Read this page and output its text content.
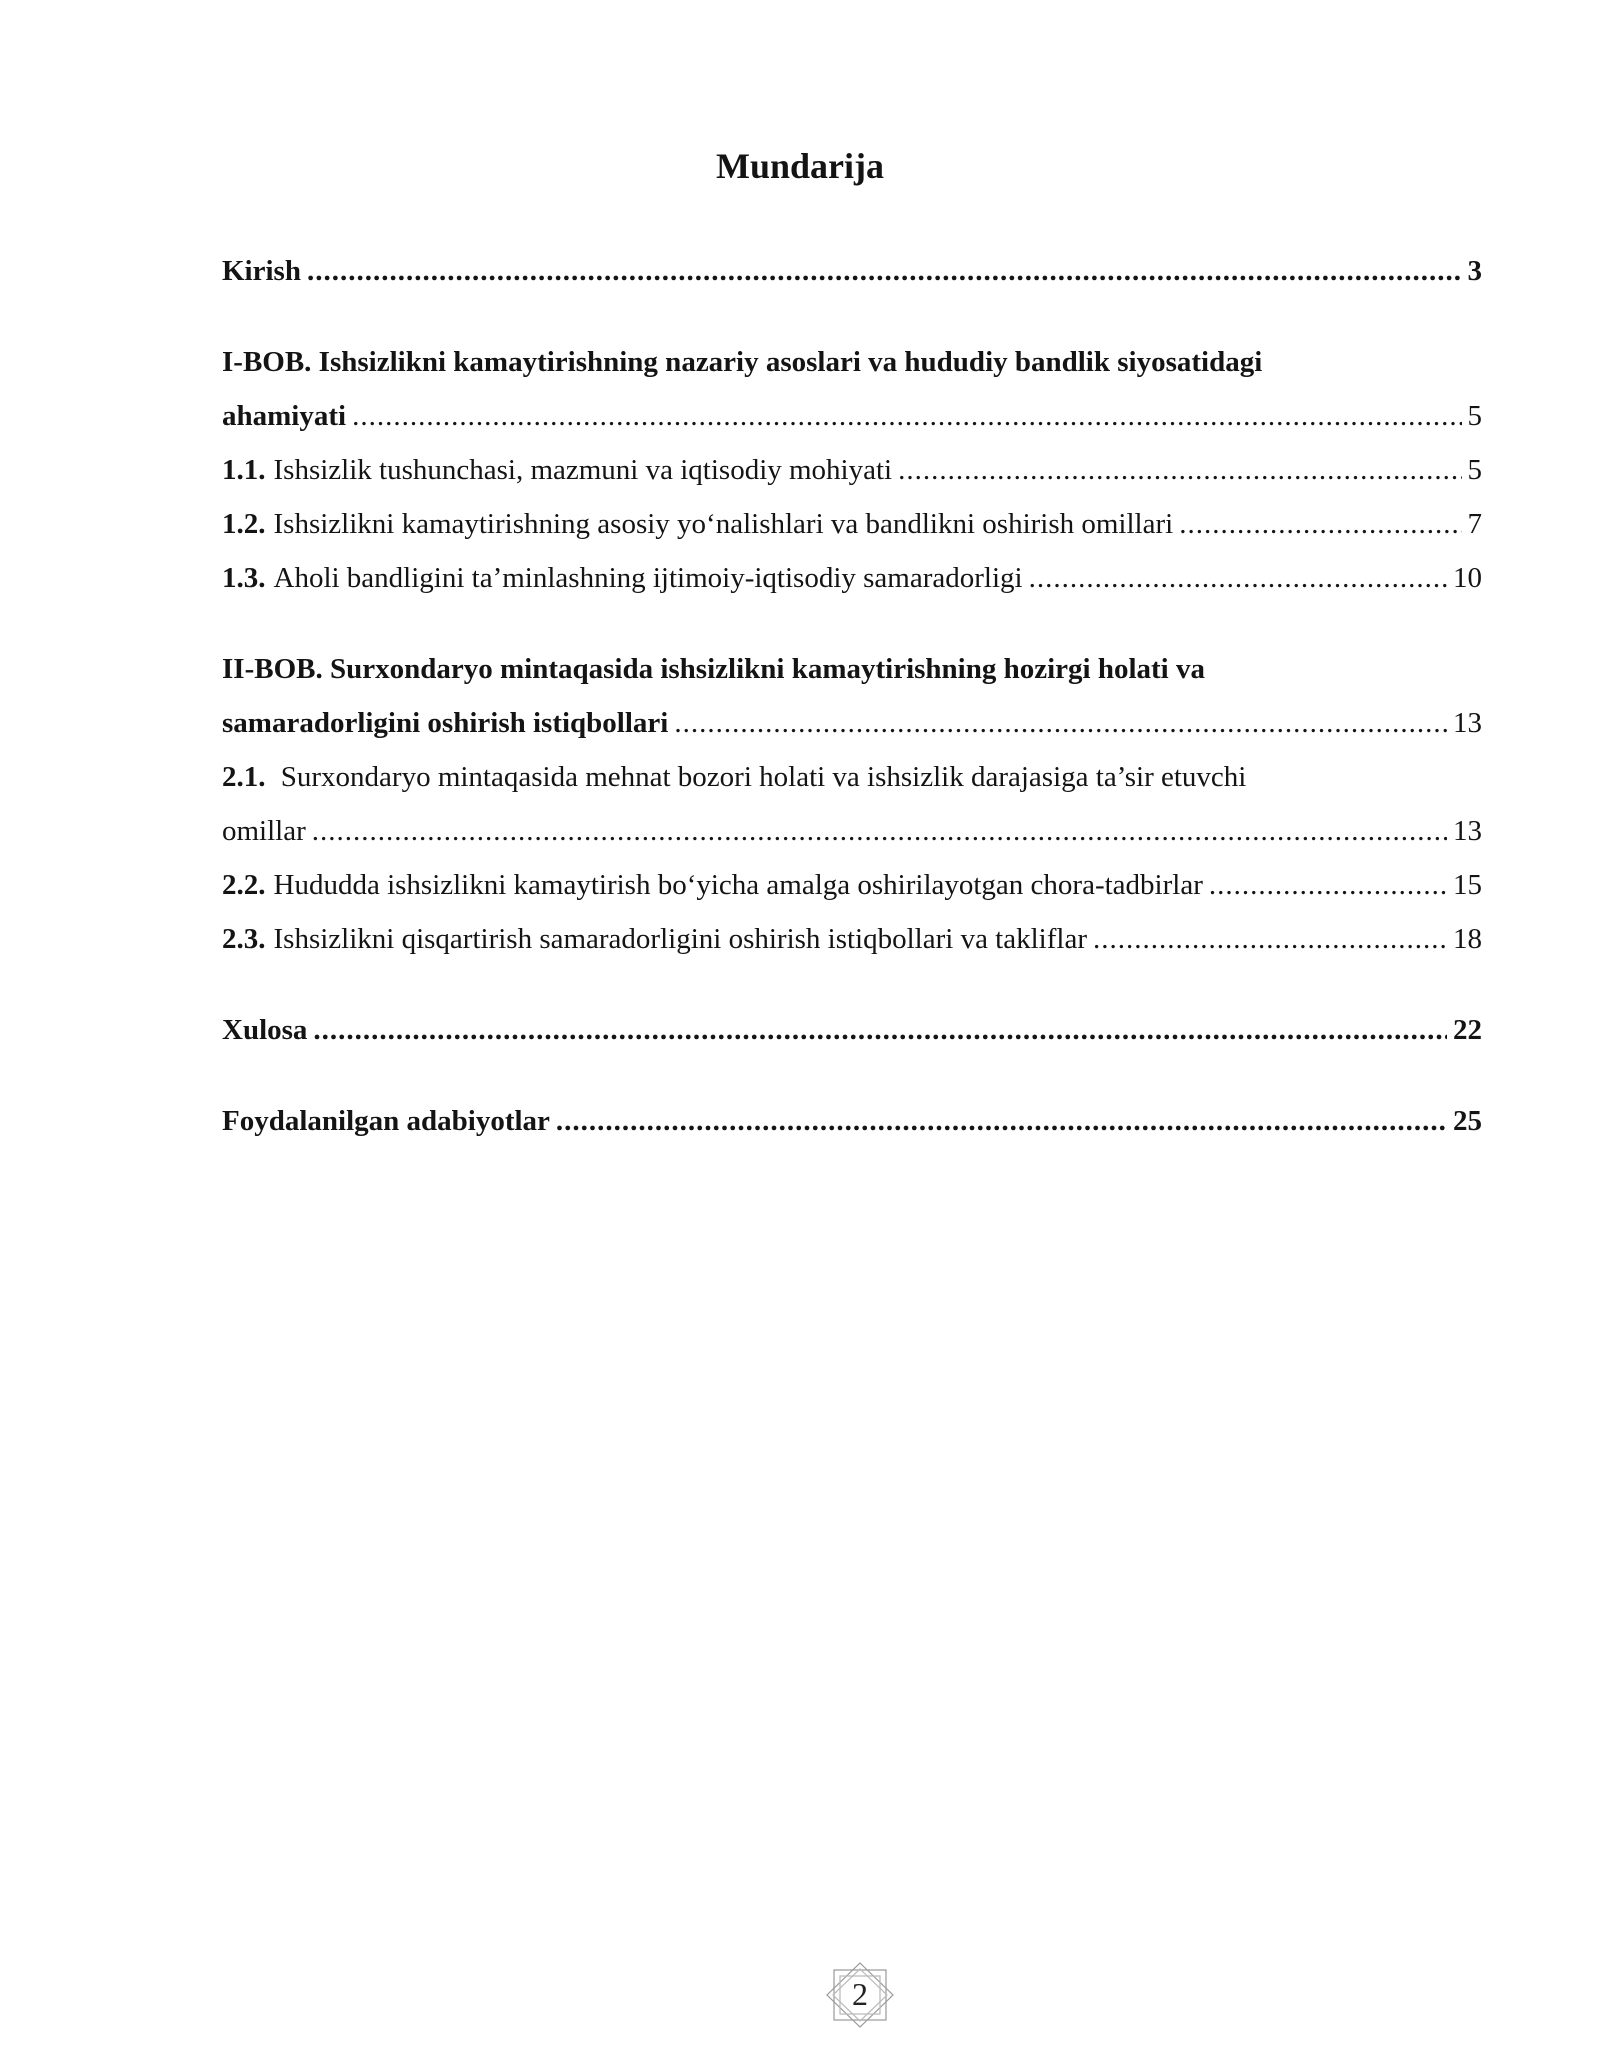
Mundarija
Kirish .....	3
I-BOB. Ishsizlikni kamaytirishning nazariy asoslari va hududiy bandlik siyosatidagi
ahamiyati .....	5
1.1. Ishsizlik tushunchasi, mazmuni va iqtisodiy mohiyati .....	5
1.2. Ishsizlikni kamaytirishning asosiy yo‘nalishlari va bandlikni oshirish omillari .....	7
1.3. Aholi bandligini ta’minlashning ijtimoiy-iqtisodiy samaradorligi .....	10
II-BOB. Surxondaryo mintaqasida ishsizlikni kamaytirishning hozirgi holati va
samaradorligini oshirish istiqbollari .....	13
2.1. Surxondaryo mintaqasida mehnat bozori holati va ishsizlik darajasiga ta’sir etuvchi
omillar .....	13
2.2. Hududda ishsizlikni kamaytirish bo‘yicha amalga oshirilayotgan chora-tadbirlar .....	15
2.3. Ishsizlikni qisqartirish samaradorligini oshirish istiqbollari va takliflar .....	18
Xulosa .....	22
Foydalanilgan adabiyotlar .....	25
2
